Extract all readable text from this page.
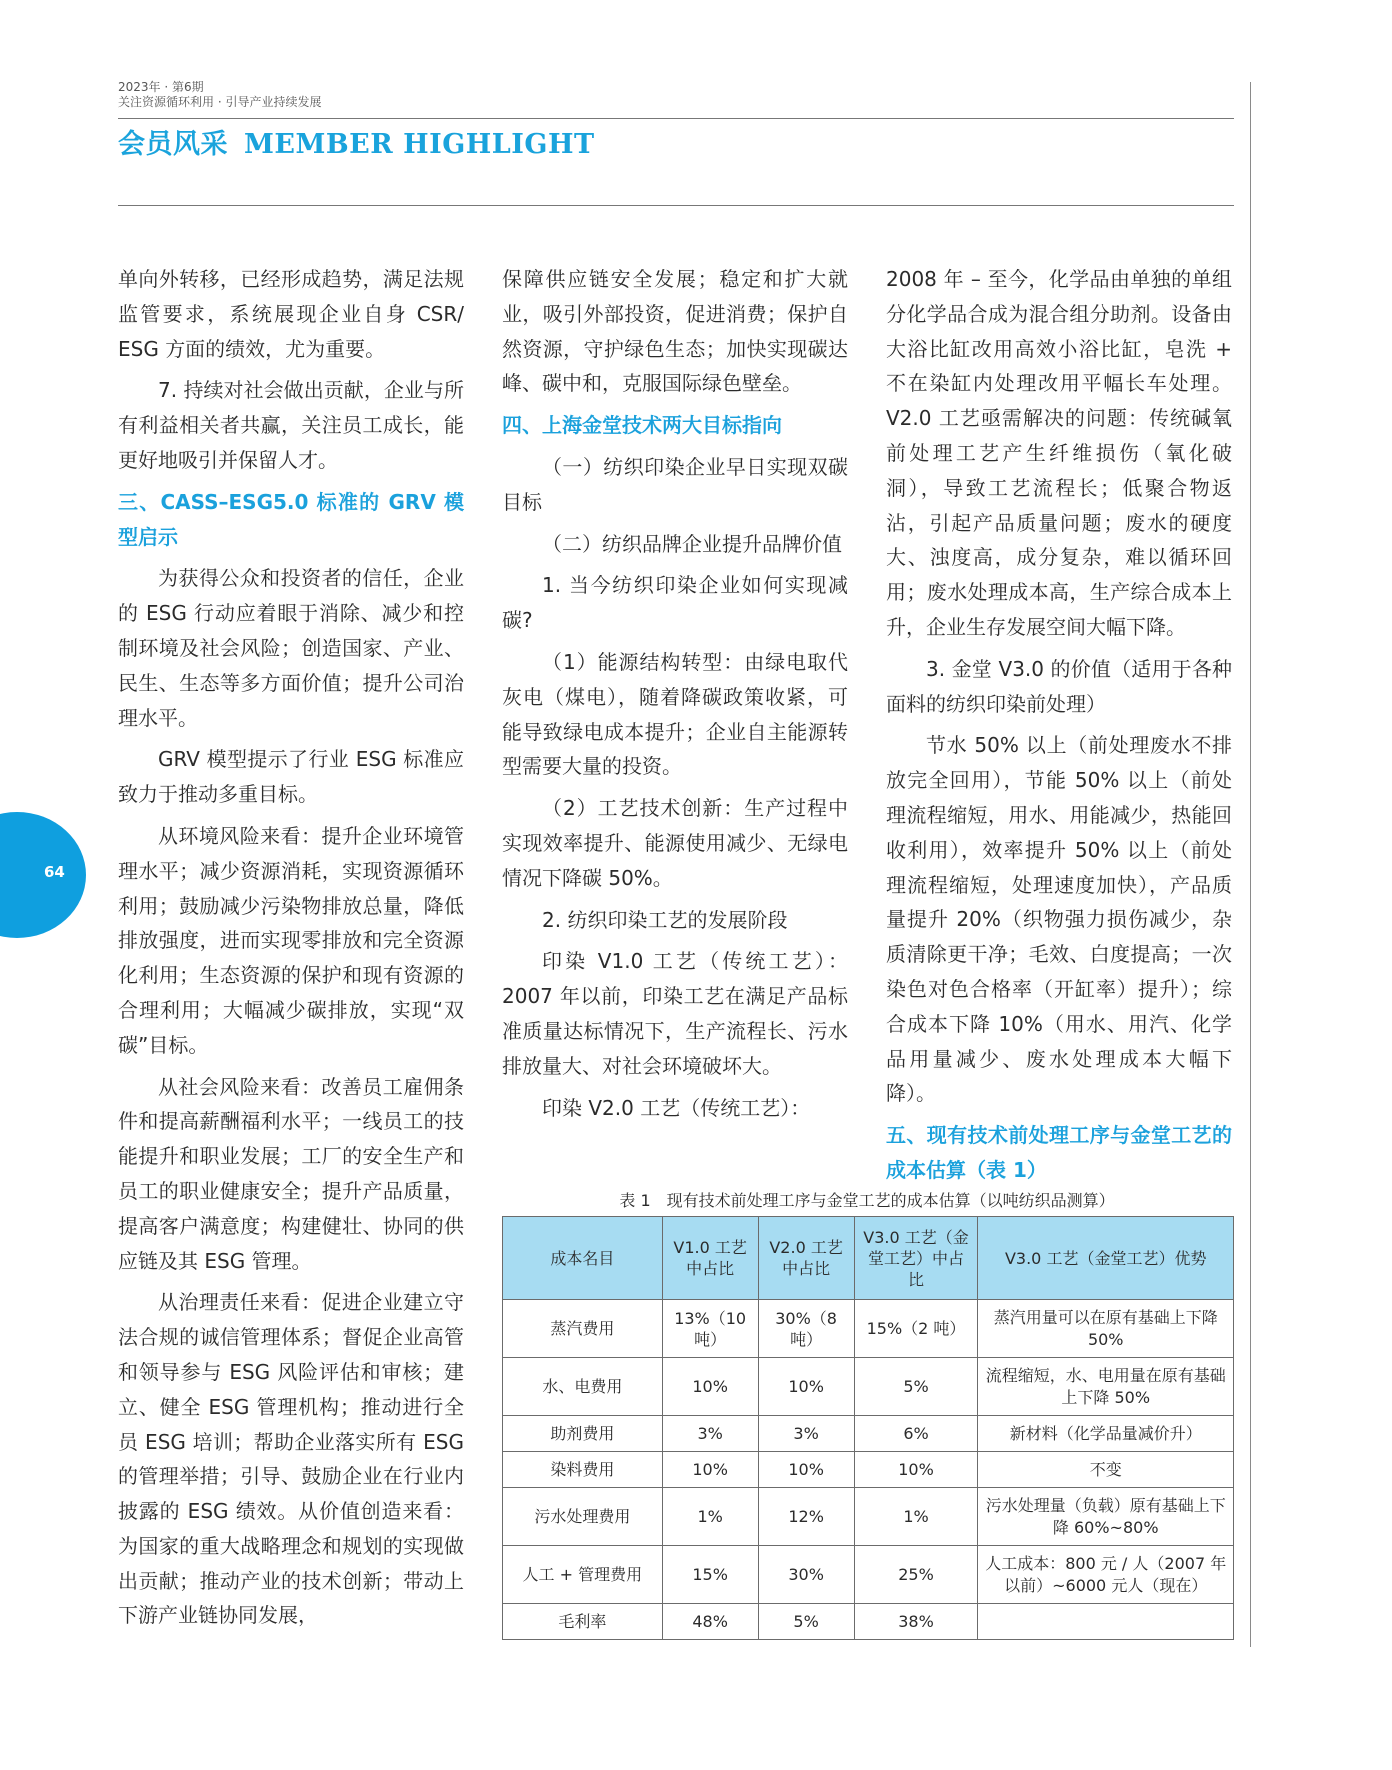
2023年 · 第6期
关注资源循环利用 · 引导产业持续发展
会员风采 MEMBER HIGHLIGHT
64

单向外转移，已经形成趋势，满足法规监管要求，系统展现企业自身 CSR/ ESG 方面的绩效，尤为重要。

7. 持续对社会做出贡献，企业与所有利益相关者共赢，关注员工成长，能更好地吸引并保留人才。

三、CASS–ESG5.0 标准的 GRV 模型启示

为获得公众和投资者的信任，企业的 ESG 行动应着眼于消除、减少和控制环境及社会风险；创造国家、产业、民生、生态等多方面价值；提升公司治理水平。

GRV 模型提示了行业 ESG 标准应致力于推动多重目标。

从环境风险来看：提升企业环境管理水平；减少资源消耗，实现资源循环利用；鼓励减少污染物排放总量，降低排放强度，进而实现零排放和完全资源化利用；生态资源的保护和现有资源的合理利用；大幅减少碳排放，实现“双碳”目标。

从社会风险来看：改善员工雇佣条件和提高薪酬福利水平；一线员工的技能提升和职业发展；工厂的安全生产和员工的职业健康安全；提升产品质量，提高客户满意度；构建健壮、协同的供应链及其 ESG 管理。

从治理责任来看：促进企业建立守法合规的诚信管理体系；督促企业高管和领导参与 ESG 风险评估和审核；建立、健全 ESG 管理机构；推动进行全员 ESG 培训；帮助企业落实所有 ESG 的管理举措；引导、鼓励企业在行业内披露的 ESG 绩效。从价值创造来看：为国家的重大战略理念和规划的实现做出贡献；推动产业的技术创新；带动上下游产业链协同发展，

保障供应链安全发展；稳定和扩大就业，吸引外部投资，促进消费；保护自然资源，守护绿色生态；加快实现碳达峰、碳中和，克服国际绿色壁垒。

四、上海金堂技术两大目标指向

（一）纺织印染企业早日实现双碳目标

（二）纺织品牌企业提升品牌价值

1. 当今纺织印染企业如何实现减碳?

（1）能源结构转型：由绿电取代灰电（煤电），随着降碳政策收紧，可能导致绿电成本提升；企业自主能源转型需要大量的投资。

（2）工艺技术创新：生产过程中实现效率提升、能源使用减少、无绿电情况下降碳 50%。

2. 纺织印染工艺的发展阶段

印染 V1.0 工艺（传统工艺）：2007 年以前，印染工艺在满足产品标准质量达标情况下，生产流程长、污水排放量大、对社会环境破坏大。

印染 V2.0 工艺（传统工艺）：

2008 年 – 至今，化学品由单独的单组分化学品合成为混合组分助剂。设备由大浴比缸改用高效小浴比缸，皂洗 + 不在染缸内处理改用平幅长车处理。V2.0 工艺亟需解决的问题：传统碱氧前处理工艺产生纤维损伤（氧化破洞），导致工艺流程长；低聚合物返沾，引起产品质量问题；废水的硬度大、浊度高，成分复杂，难以循环回用；废水处理成本高，生产综合成本上升，企业生存发展空间大幅下降。

3. 金堂 V3.0 的价值（适用于各种面料的纺织印染前处理）

节水 50% 以上（前处理废水不排放完全回用），节能 50% 以上（前处理流程缩短，用水、用能减少，热能回收利用），效率提升 50% 以上（前处理流程缩短，处理速度加快），产品质量提升 20%（织物强力损伤减少，杂质清除更干净；毛效、白度提高；一次染色对色合格率（开缸率）提升）；综合成本下降 10%（用水、用汽、化学品用量减少、废水处理成本大幅下降）。

五、现有技术前处理工序与金堂工艺的成本估算（表 1）
表 1　现有技术前处理工序与金堂工艺的成本估算（以吨纺织品测算）
成本名目	V1.0 工艺中占比	V2.0 工艺中占比	V3.0 工艺（金堂工艺）中占比	V3.0 工艺（金堂工艺）优势
蒸汽费用	13%（10 吨）	30%（8 吨）	15%（2 吨）	蒸汽用量可以在原有基础上下降 50%
水、电费用	10%	10%	5%	流程缩短，水、电用量在原有基础上下降 50%
助剂费用	3%	3%	6%	新材料（化学品量减价升）
染料费用	10%	10%	10%	不变
污水处理费用	1%	12%	1%	污水处理量（负载）原有基础上下降 60%~80%
人工 + 管理费用	15%	30%	25%	人工成本：800 元 / 人（2007 年以前）~6000 元人（现在）
毛利率	48%	5%	38%	
